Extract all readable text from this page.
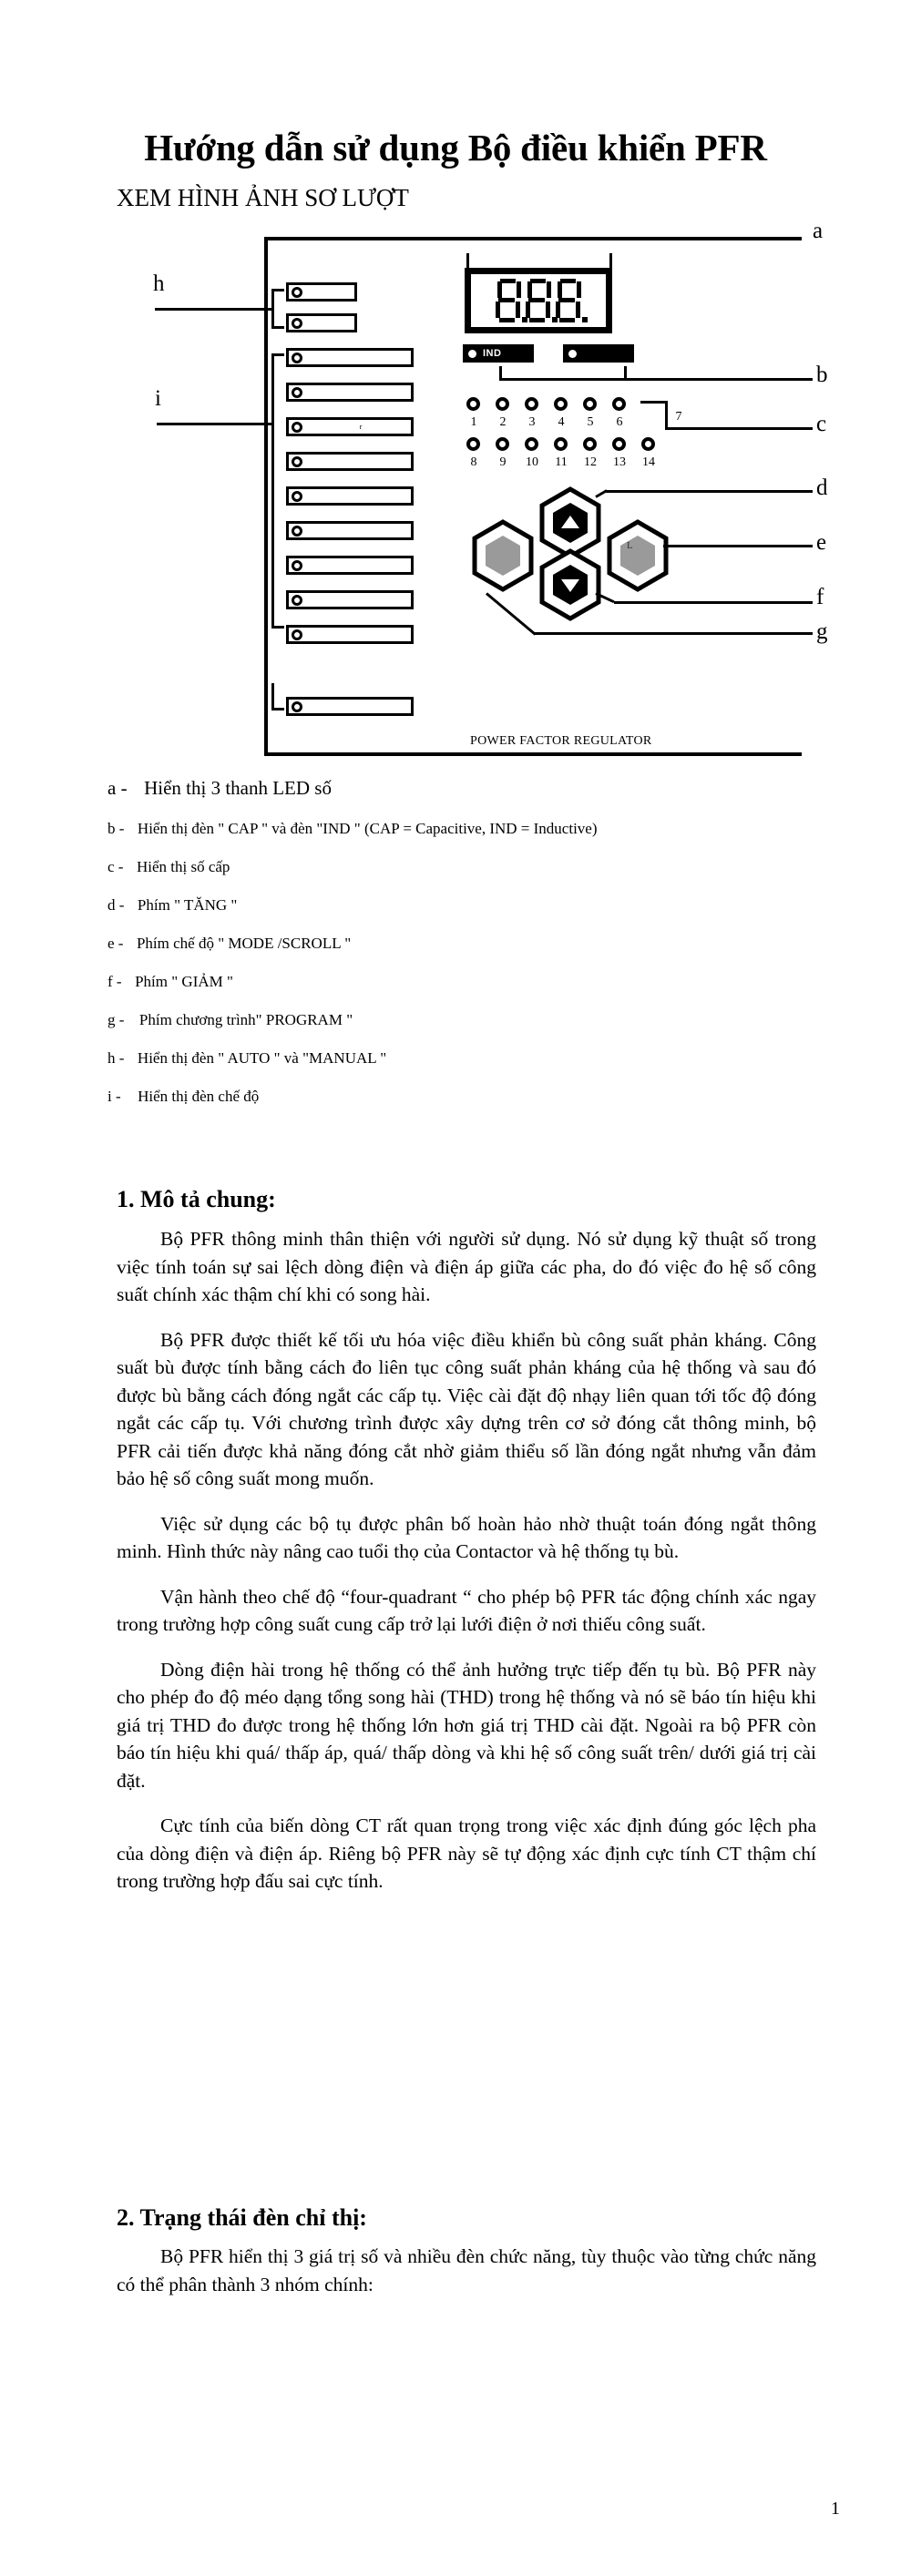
Hướng dẫn sử dụng Bộ điều khiển PFR
XEM HÌNH ẢNH SƠ LƯỢT
a
h
i
r
IND
b
1	2	3	4	5	6	7	c
8	9	10	11	12 13 14
L
d
e
f
g
POWER FACTOR REGULATOR
a - Hiển thị 3 thanh LED số
b - Hiển thị đèn " CAP " và đèn "IND " (CAP = Capacitive, IND = Inductive)
c - Hiển thị số cấp
d - Phím " TĂNG "
e - Phím chế độ " MODE /SCROLL "
f - Phím " GIẢM "
g - Phím chương trình" PROGRAM "
h - Hiển thị đèn " AUTO " và "MANUAL "
i - Hiển thị đèn chế độ
1. Mô tả chung:

Bộ PFR thông minh thân thiện với người sử dụng. Nó sử dụng kỹ thuật số trong việc tính toán sự sai lệch dòng điện và điện áp giữa các pha, do đó việc đo hệ số công suất chính xác thậm chí khi có song hài.

Bộ PFR được thiết kế tối ưu hóa việc điều khiển bù công suất phản kháng. Công suất bù được tính bằng cách đo liên tục công suất phản kháng của hệ thống và sau đó được bù bằng cách đóng ngắt các cấp tụ. Việc cài đặt độ nhạy liên quan tới tốc độ đóng ngắt các cấp tụ. Với chương trình được xây dựng trên cơ sở đóng cắt thông minh, bộ PFR cải tiến được khả năng đóng cắt nhờ giảm thiểu số lần đóng ngắt nhưng vẫn đảm bảo hệ số công suất mong muốn.

Việc sử dụng các bộ tụ được phân bố hoàn hảo nhờ thuật toán đóng ngắt thông minh. Hình thức này nâng cao tuổi thọ của Contactor và hệ thống tụ bù.

Vận hành theo chế độ “four-quadrant “ cho phép bộ PFR tác động chính xác ngay trong trường hợp công suất cung cấp trở lại lưới điện ở nơi thiếu công suất.

Dòng điện hài trong hệ thống có thể ảnh hưởng trực tiếp đến tụ bù. Bộ PFR này cho phép đo độ méo dạng tổng song hài (THD) trong hệ thống và nó sẽ báo tín hiệu khi giá trị THD đo được trong hệ thống lớn hơn giá trị THD cài đặt. Ngoài ra bộ PFR còn báo tín hiệu khi quá/ thấp áp, quá/ thấp dòng và khi hệ số công suất trên/ dưới giá trị cài đặt.

Cực tính của biến dòng CT rất quan trọng trong việc xác định đúng góc lệch pha của dòng điện và điện áp. Riêng bộ PFR này sẽ tự động xác định cực tính CT thậm chí trong trường hợp đấu sai cực tính.

2. Trạng thái đèn chỉ thị:

Bộ PFR hiển thị 3 giá trị số và nhiều đèn chức năng, tùy thuộc vào từng chức năng có thể phân thành 3 nhóm chính:

1
